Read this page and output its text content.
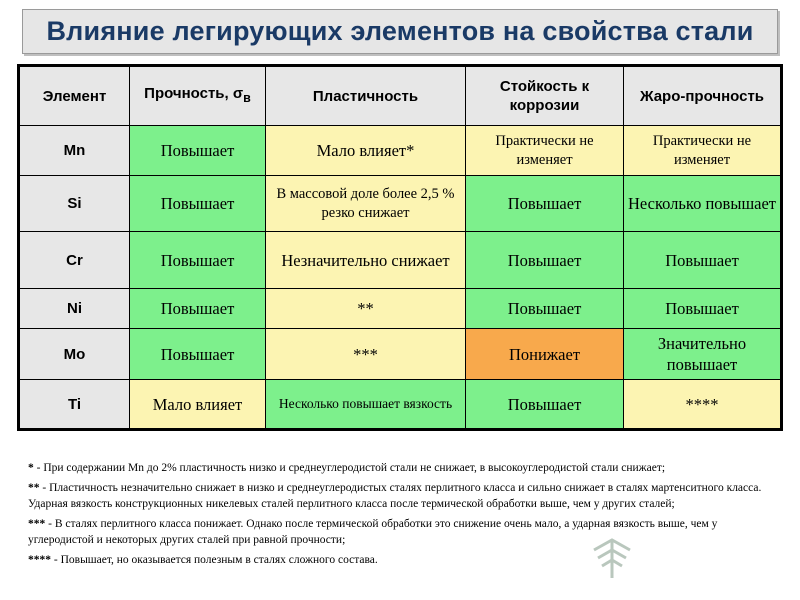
Влияние легирующих элементов на свойства стали
Элемент	Прочность, $\sigma_в$	Пластичность	Стойкость к коррозии	Жаро-прочность
Mn	Повышает	Мало влияет*	Практически не изменяет	Практически не изменяет
Si	Повышает	В массовой доле более 2,5 % резко снижает	Повышает	Несколько повышает
Cr	Повышает	Незначительно снижает	Повышает	Повышает
Ni	Повышает	**	Повышает	Повышает
Mo	Повышает	***	Понижает	Значительно повышает
Ti	Мало влияет	Несколько повышает вязкость	Повышает	****
* - При содержании Mn до 2% пластичность низко и среднеуглеродистой стали не снижает, в высокоуглеродистой стали снижает;
** - Пластичность незначительно снижает в низко и среднеуглеродистых сталях перлитного класса и сильно снижает в сталях мартенситного класса. Ударная вязкость конструкционных никелевых сталей перлитного класса после термической обработки выше, чем у других сталей;
*** - В сталях перлитного класса понижает. Однако после термической обработки это снижение очень мало, а ударная вязкость выше, чем у углеродистой и некоторых других сталей при равной прочности;
**** - Повышает, но оказывается полезным в сталях сложного состава.
